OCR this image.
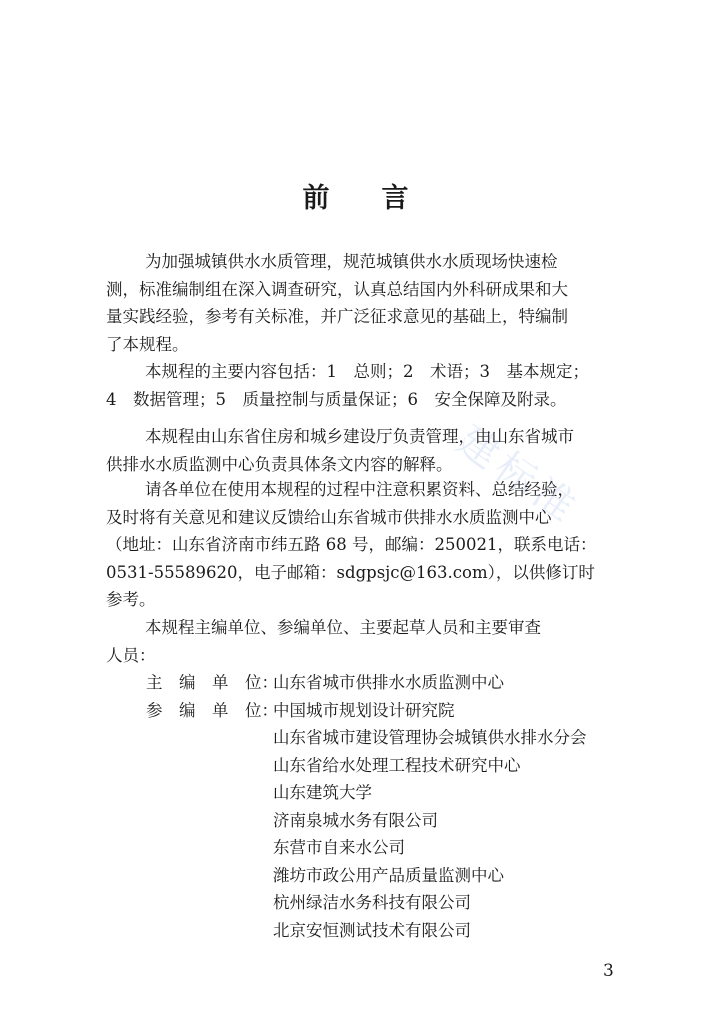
建标准
前言
为加强城镇供水水质管理，规范城镇供水水质现场快速检
测，标准编制组在深入调查研究，认真总结国内外科研成果和大
量实践经验，参考有关标准，并广泛征求意见的基础上，特编制
了本规程。
本规程的主要内容包括：1　总则；2　术语；3　基本规定；
4　数据管理；5　质量控制与质量保证；6　安全保障及附录。
本规程由山东省住房和城乡建设厅负责管理，由山东省城市
供排水水质监测中心负责具体条文内容的解释。
请各单位在使用本规程的过程中注意积累资料、总结经验，
及时将有关意见和建议反馈给山东省城市供排水水质监测中心
（地址：山东省济南市纬五路 68 号，邮编：250021，联系电话：
0531-55589620，电子邮箱：sdgpsjc@163.com），以供修订时
参考。
本规程主编单位、参编单位、主要起草人员和主要审查
人员：
主　编　单　位：
山东省城市供排水水质监测中心
参　编　单　位：
中国城市规划设计研究院
山东省城市建设管理协会城镇供水排水分会
山东省给水处理工程技术研究中心
山东建筑大学
济南泉城水务有限公司
东营市自来水公司
潍坊市政公用产品质量监测中心
杭州绿洁水务科技有限公司
北京安恒测试技术有限公司
3
